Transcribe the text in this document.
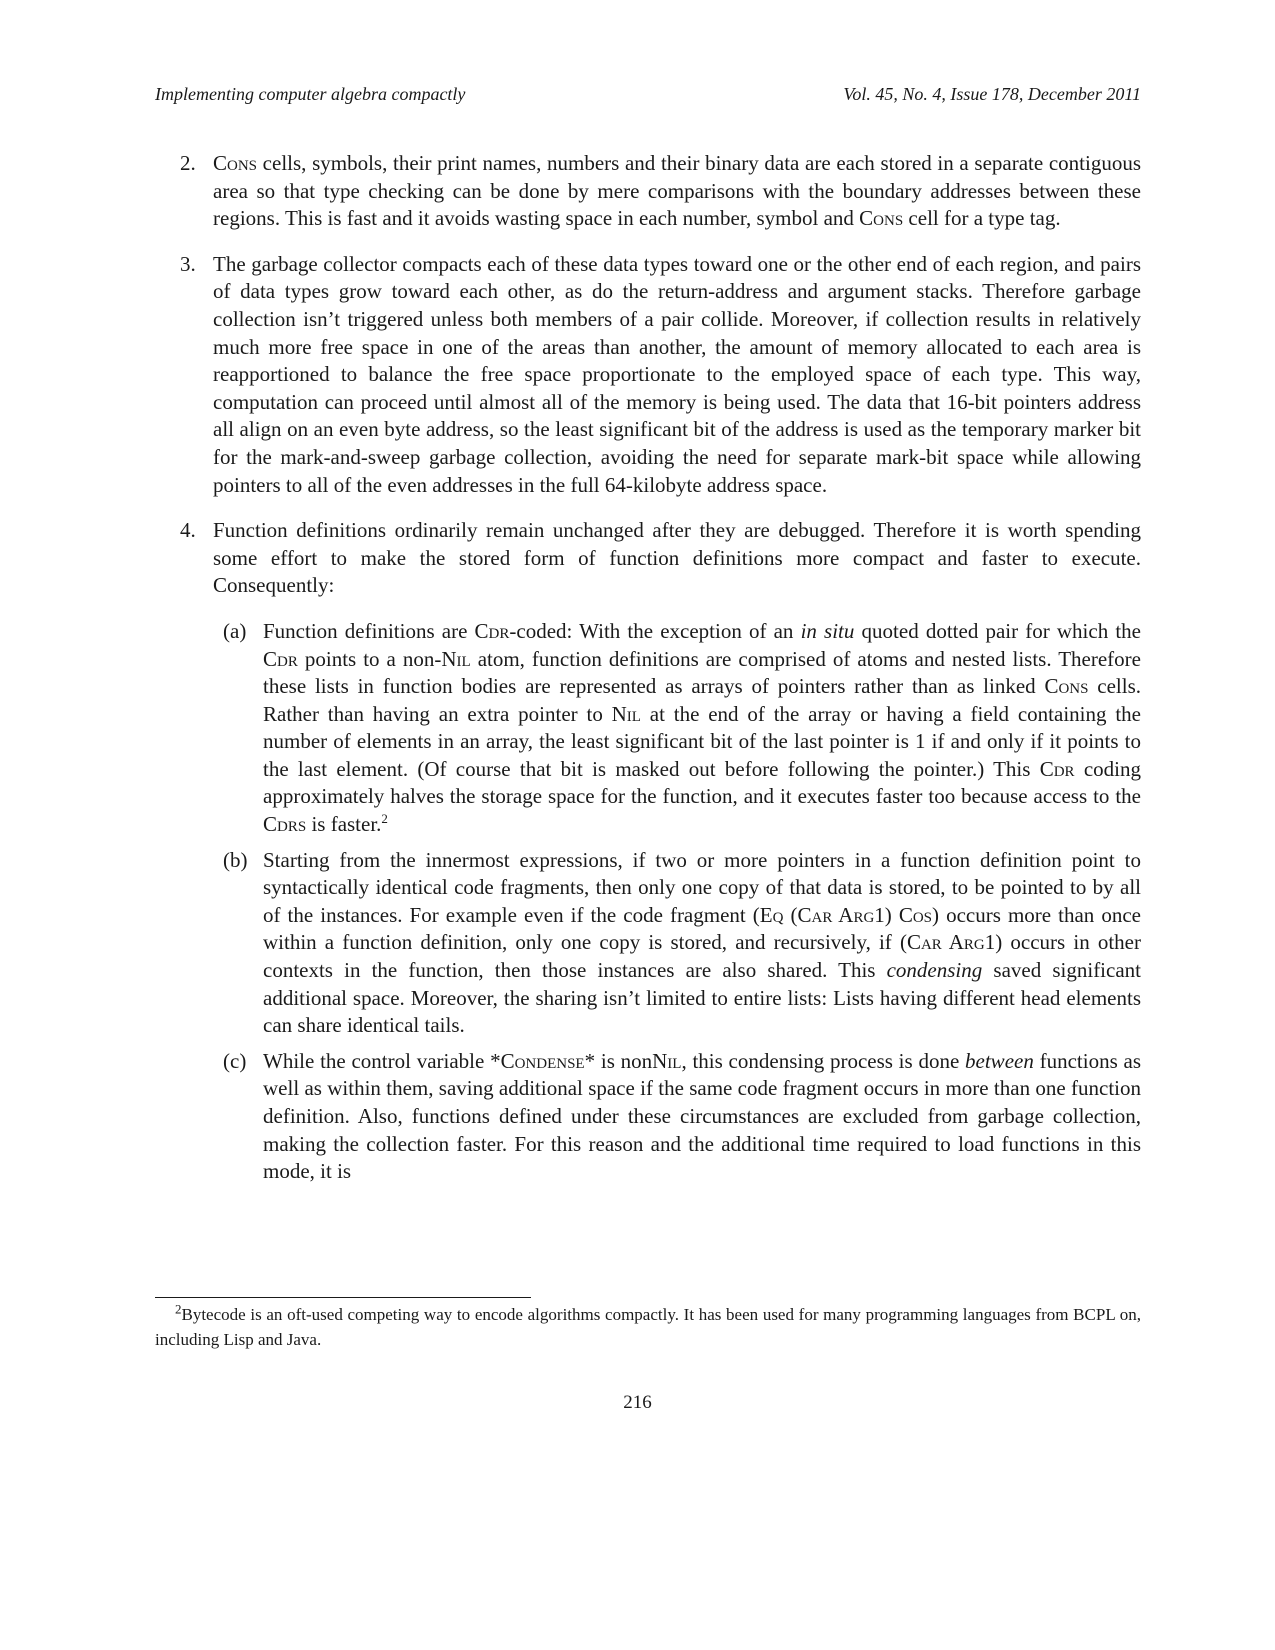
Implementing computer algebra compactly	Vol. 45, No. 4, Issue 178, December 2011
2. Cons cells, symbols, their print names, numbers and their binary data are each stored in a separate contiguous area so that type checking can be done by mere comparisons with the boundary addresses between these regions. This is fast and it avoids wasting space in each number, symbol and Cons cell for a type tag.
3. The garbage collector compacts each of these data types toward one or the other end of each region, and pairs of data types grow toward each other, as do the return-address and argument stacks. Therefore garbage collection isn’t triggered unless both members of a pair collide. Moreover, if collection results in relatively much more free space in one of the areas than another, the amount of memory allocated to each area is reapportioned to balance the free space proportionate to the employed space of each type. This way, computation can proceed until almost all of the memory is being used. The data that 16-bit pointers address all align on an even byte address, so the least significant bit of the address is used as the temporary marker bit for the mark-and-sweep garbage collection, avoiding the need for separate mark-bit space while allowing pointers to all of the even addresses in the full 64-kilobyte address space.
4. Function definitions ordinarily remain unchanged after they are debugged. Therefore it is worth spending some effort to make the stored form of function definitions more compact and faster to execute. Consequently:
(a) Function definitions are Cdr-coded: With the exception of an in situ quoted dotted pair for which the Cdr points to a non-Nil atom, function definitions are comprised of atoms and nested lists. Therefore these lists in function bodies are represented as arrays of pointers rather than as linked Cons cells. Rather than having an extra pointer to Nil at the end of the array or having a field containing the number of elements in an array, the least significant bit of the last pointer is 1 if and only if it points to the last element. (Of course that bit is masked out before following the pointer.) This Cdr coding approximately halves the storage space for the function, and it executes faster too because access to the Cdrs is faster.$^2$
(b) Starting from the innermost expressions, if two or more pointers in a function definition point to syntactically identical code fragments, then only one copy of that data is stored, to be pointed to by all of the instances. For example even if the code fragment (Eq (Car Arg1) Cos) occurs more than once within a function definition, only one copy is stored, and recursively, if (Car Arg1) occurs in other contexts in the function, then those instances are also shared. This condensing saved significant additional space. Moreover, the sharing isn’t limited to entire lists: Lists having different head elements can share identical tails.
(c) While the control variable *Condense* is nonNil, this condensing process is done between functions as well as within them, saving additional space if the same code fragment occurs in more than one function definition. Also, functions defined under these circumstances are excluded from garbage collection, making the collection faster. For this reason and the additional time required to load functions in this mode, it is
$^2$Bytecode is an oft-used competing way to encode algorithms compactly. It has been used for many programming languages from BCPL on, including Lisp and Java.
216
